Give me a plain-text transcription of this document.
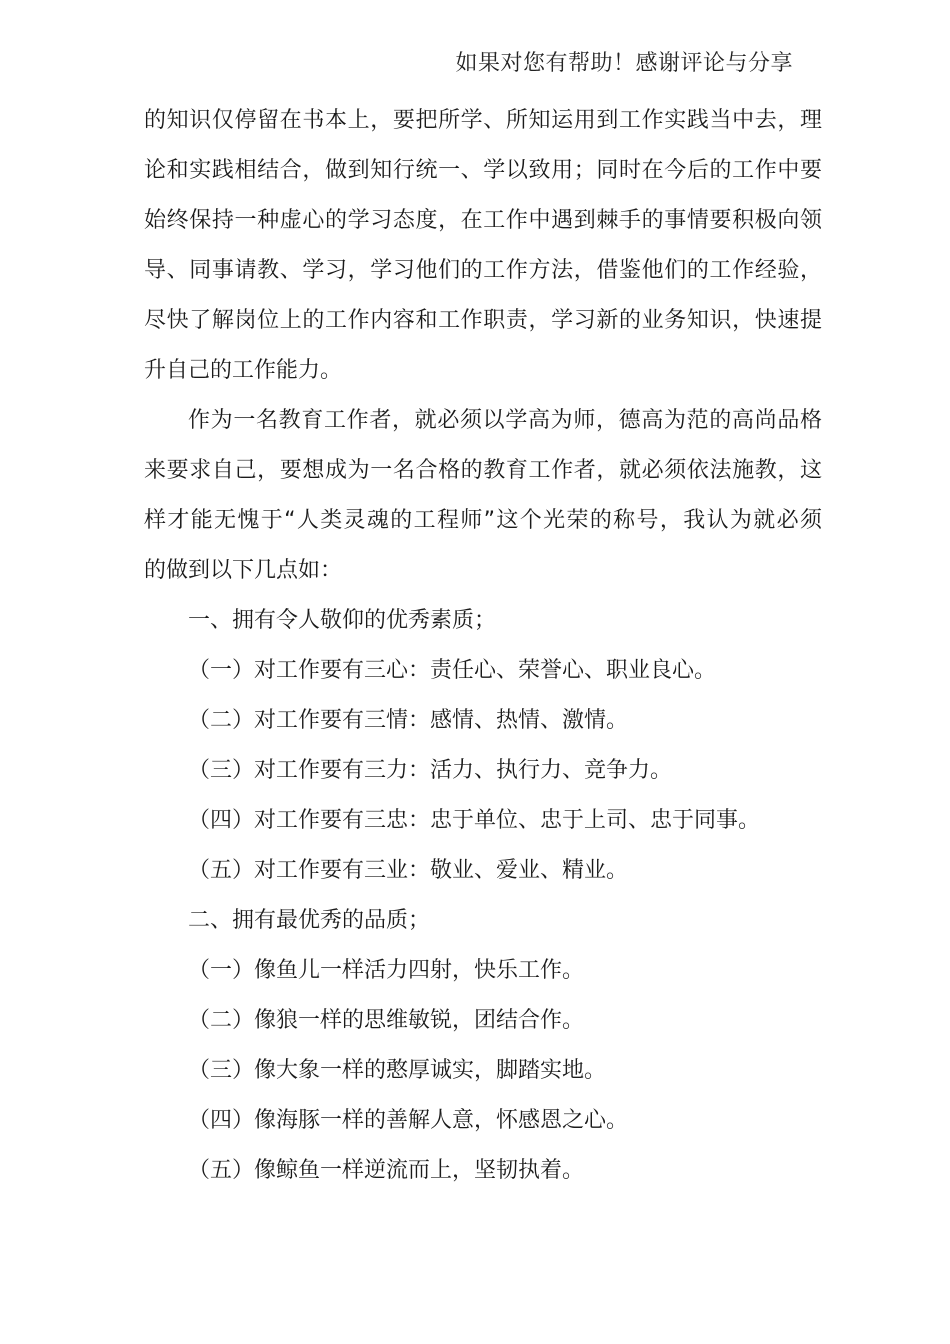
如果对您有帮助！感谢评论与分享
的知识仅停留在书本上，要把所学、所知运用到工作实践当中去，理
论和实践相结合，做到知行统一、学以致用；同时在今后的工作中要
始终保持一种虚心的学习态度，在工作中遇到棘手的事情要积极向领
导、同事请教、学习，学习他们的工作方法，借鉴他们的工作经验，
尽快了解岗位上的工作内容和工作职责，学习新的业务知识，快速提
升自己的工作能力。
作为一名教育工作者，就必须以学高为师，德高为范的高尚品格
来要求自己，要想成为一名合格的教育工作者，就必须依法施教，这
样才能无愧于“人类灵魂的工程师”这个光荣的称号，我认为就必须
的做到以下几点如：
一、拥有令人敬仰的优秀素质；
（一）对工作要有三心：责任心、荣誉心、职业良心。
（二）对工作要有三情：感情、热情、激情。
（三）对工作要有三力：活力、执行力、竞争力。
（四）对工作要有三忠：忠于单位、忠于上司、忠于同事。
（五）对工作要有三业：敬业、爱业、精业。
二、拥有最优秀的品质；
（一）像鱼儿一样活力四射，快乐工作。
（二）像狼一样的思维敏锐，团结合作。
（三）像大象一样的憨厚诚实，脚踏实地。
（四）像海豚一样的善解人意，怀感恩之心。
（五）像鲸鱼一样逆流而上，坚韧执着。
